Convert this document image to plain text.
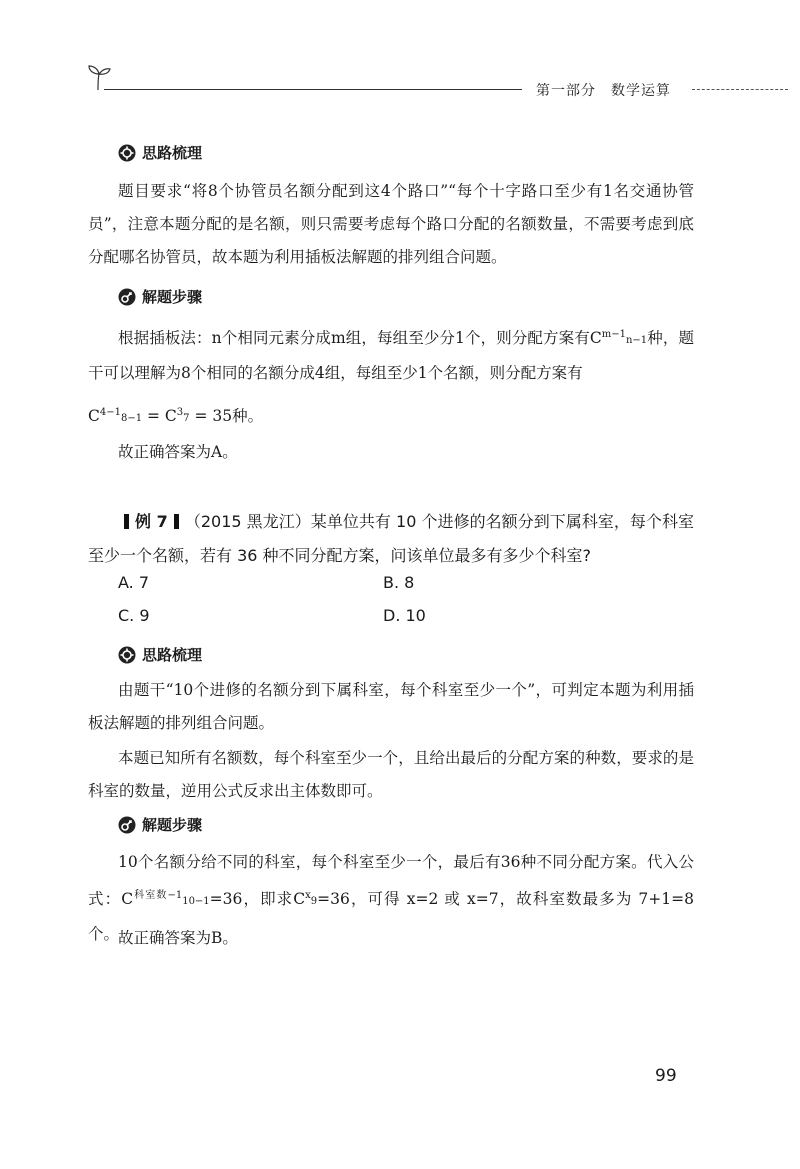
第一部分　数学运算
思路梳理
题目要求“将8个协管员名额分配到这4个路口”“每个十字路口至少有1名交通协管员”，注意本题分配的是名额，则只需要考虑每个路口分配的名额数量，不需要考虑到底分配哪名协管员，故本题为利用插板法解题的排列组合问题。
解题步骤
根据插板法：n个相同元素分成m组，每组至少分1个，则分配方案有$C^{m-1}n-1$种，题干可以理解为8个相同的名额分成4组，每组至少1个名额，则分配方案有
$C^{4-1}8-1 = C^37 = 35$种。
故正确答案为A。
例 7 （2015 黑龙江）某单位共有 10 个进修的名额分到下属科室，每个科室至少一个名额，若有 36 种不同分配方案，问该单位最多有多少个科室?
A. 7	B. 8
C. 9	D. 10
思路梳理
由题干“10个进修的名额分到下属科室，每个科室至少一个”，可判定本题为利用插板法解题的排列组合问题。
本题已知所有名额数，每个科室至少一个，且给出最后的分配方案的种数，要求的是科室的数量，逆用公式反求出主体数即可。
解题步骤
10个名额分给不同的科室，每个科室至少一个，最后有36种不同分配方案。代入公式：$C^{科室数-1}10-1=36$，即求$C^x9=36$，可得 x=2 或 x=7，故科室数最多为 7+1=8 个。
故正确答案为B。
99
